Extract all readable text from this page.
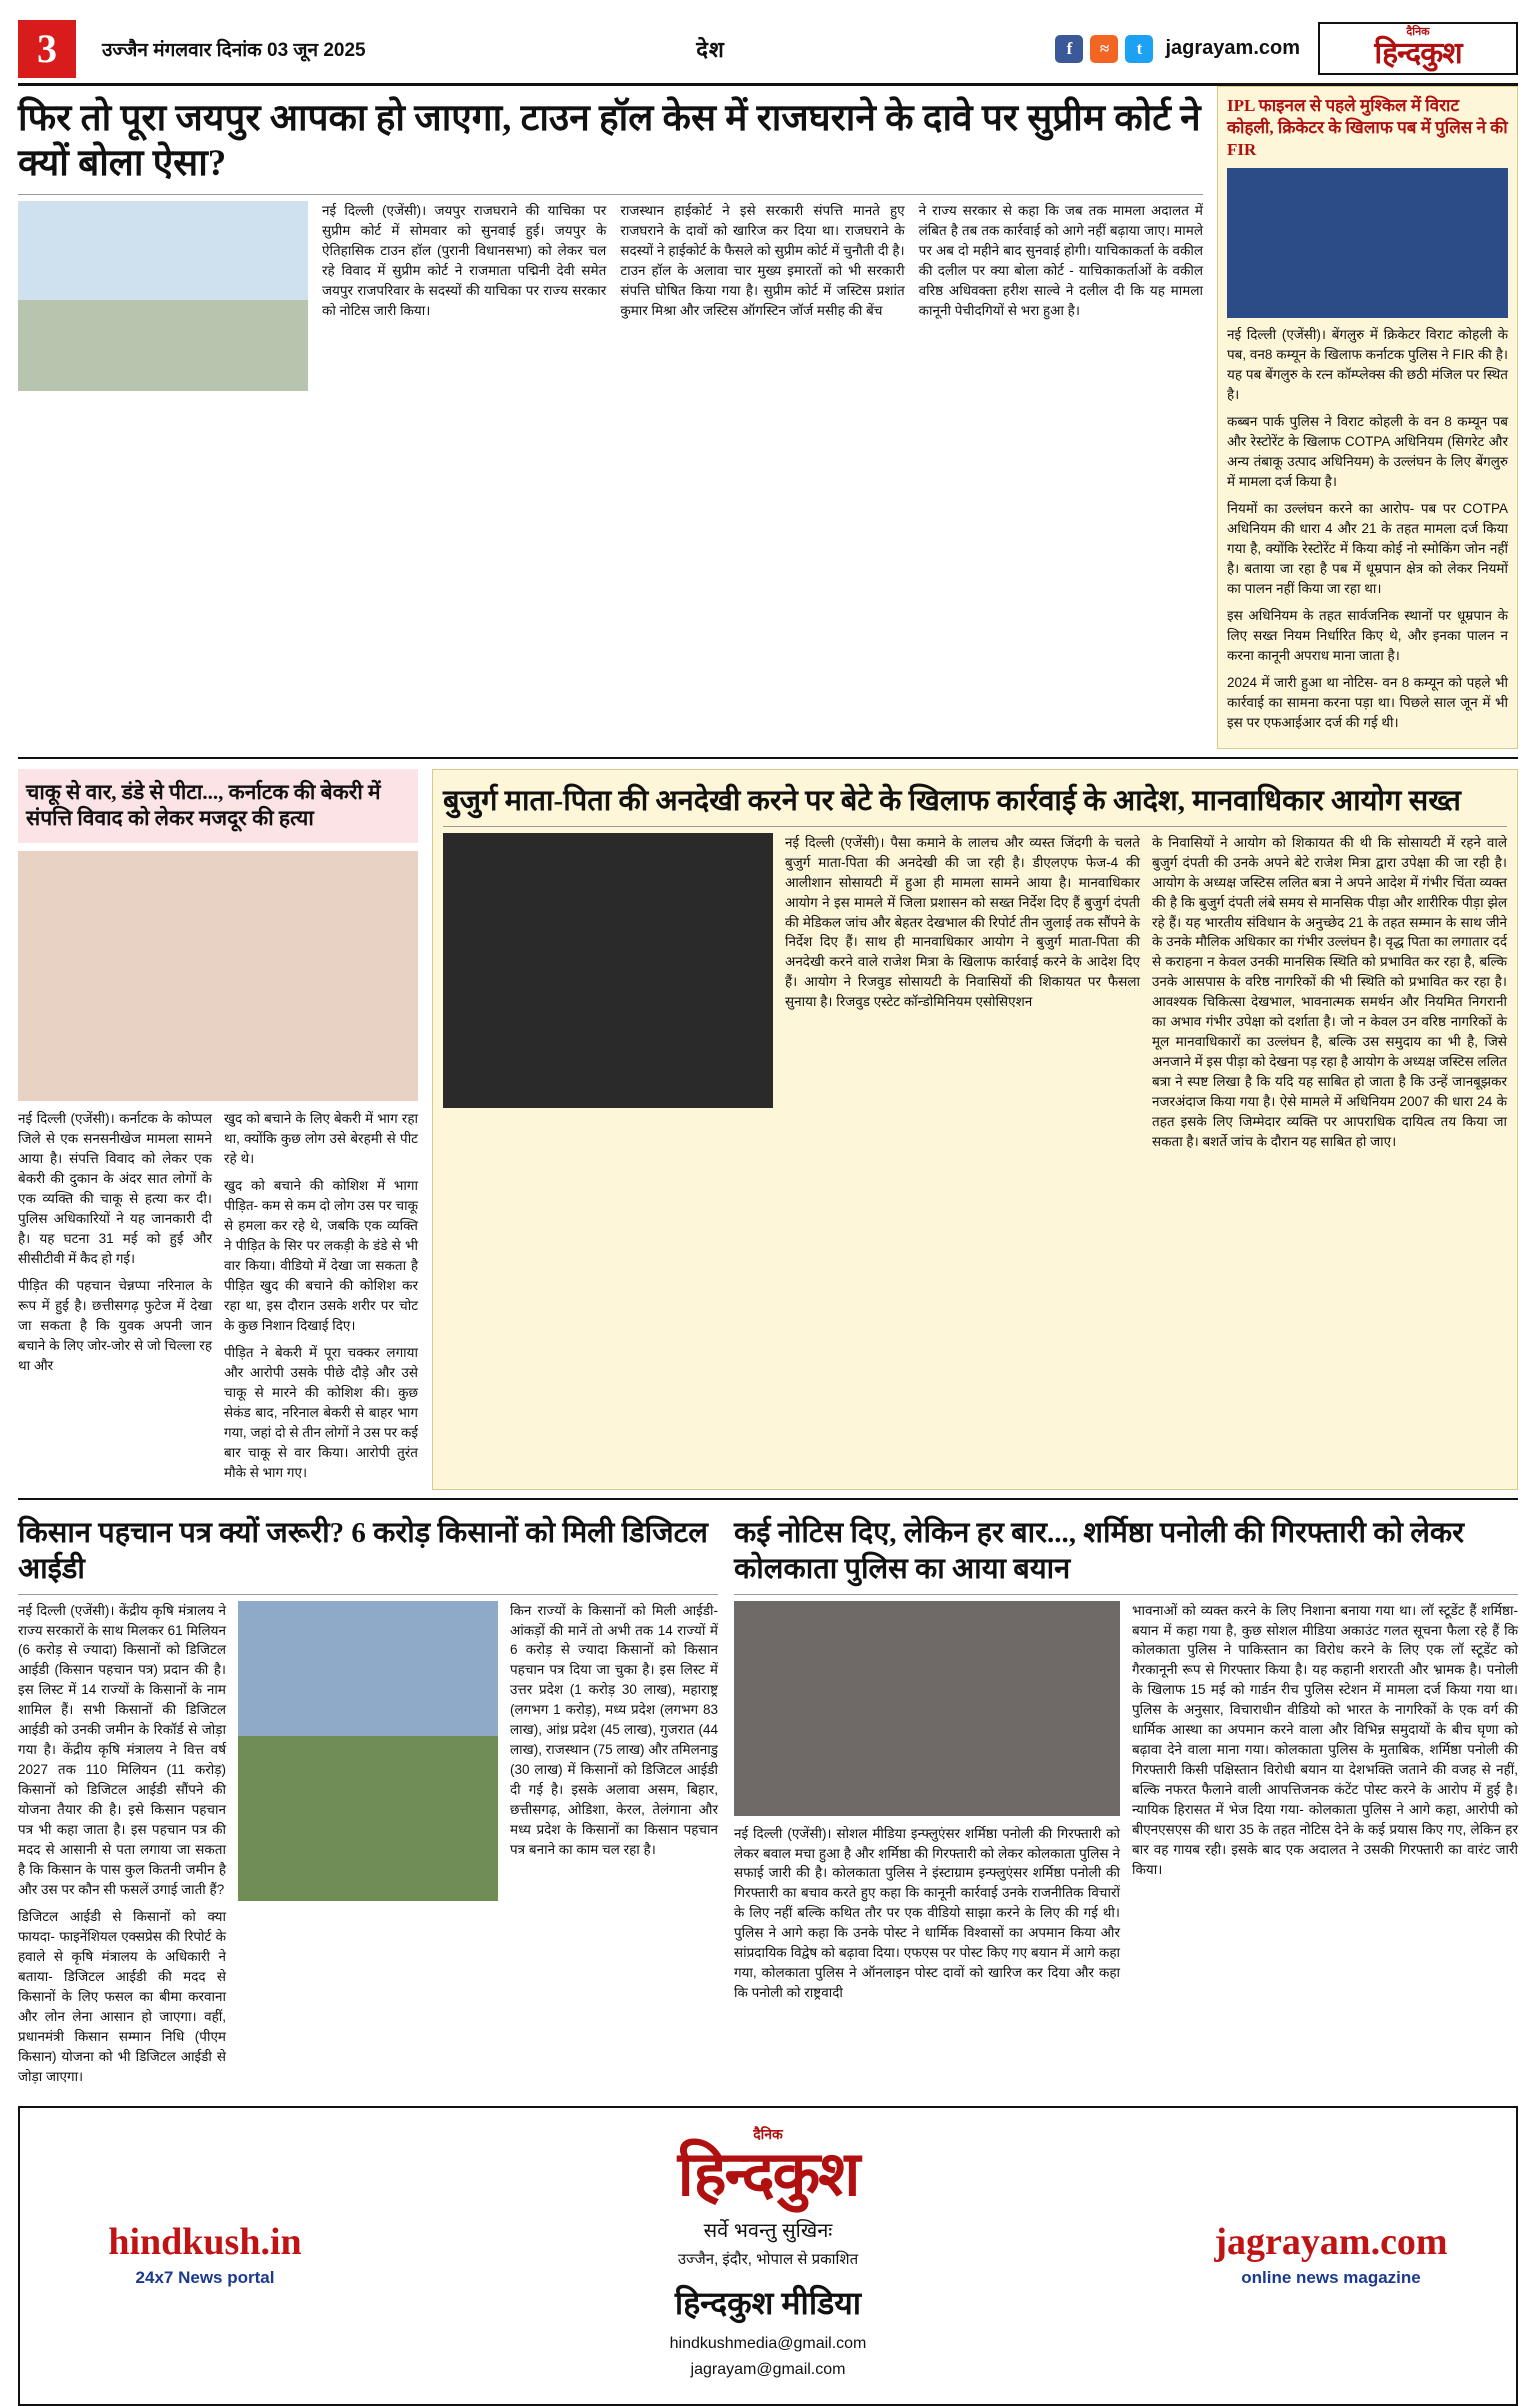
3	उज्जैन मंगलवार दिनांक 03 जून 2025	देश	f	≈	t	jagrayam.com
दैनिक
हिन्दकुश
फिर तो पूरा जयपुर आपका हो जाएगा, टाउन हॉल केस में राजघराने के दावे पर सुप्रीम कोर्ट ने क्यों बोला ऐसा?

नई दिल्ली (एजेंसी)। जयपुर राजघराने की याचिका पर सुप्रीम कोर्ट में सोमवार को सुनवाई हुई। जयपुर के ऐतिहासिक टाउन हॉल (पुरानी विधानसभा) को लेकर चल रहे विवाद में सुप्रीम कोर्ट ने राजमाता पद्मिनी देवी समेत जयपुर राजपरिवार के सदस्यों की याचिका पर राज्य सरकार को नोटिस जारी किया।

राजस्थान हाईकोर्ट ने इसे सरकारी संपत्ति मानते हुए राजघराने के दावों को खारिज कर दिया था। राजघराने के सदस्यों ने हाईकोर्ट के फैसले को सुप्रीम कोर्ट में चुनौती दी है। टाउन हॉल के अलावा चार मुख्य इमारतों को भी सरकारी संपत्ति घोषित किया गया है। सुप्रीम कोर्ट में जस्टिस प्रशांत कुमार मिश्रा और जस्टिस ऑगस्टिन जॉर्ज मसीह की बेंच

ने राज्य सरकार से कहा कि जब तक मामला अदालत में लंबित है तब तक कार्रवाई को आगे नहीं बढ़ाया जाए। मामले पर अब दो महीने बाद सुनवाई होगी। याचिकाकर्ता के वकील की दलील पर क्या बोला कोर्ट - याचिकाकर्ताओं के वकील वरिष्ठ अधिवक्ता हरीश साल्वे ने दलील दी कि यह मामला कानूनी पेचीदगियों से भरा हुआ है।

IPL फाइनल से पहले मुश्किल में विराट कोहली, क्रिकेटर के खिलाफ पब में पुलिस ने की FIR

नई दिल्ली (एजेंसी)। बेंगलुरु में क्रिकेटर विराट कोहली के पब, वन8 कम्यून के खिलाफ कर्नाटक पुलिस ने FIR की है। यह पब बेंगलुरु के रत्न कॉम्प्लेक्स की छठी मंजिल पर स्थित है।

कब्बन पार्क पुलिस ने विराट कोहली के वन 8 कम्यून पब और रेस्टोरेंट के खिलाफ COTPA अधिनियम (सिगरेट और अन्य तंबाकू उत्पाद अधिनियम) के उल्लंघन के लिए बेंगलुरु में मामला दर्ज किया है।

नियमों का उल्लंघन करने का आरोप- पब पर COTPA अधिनियम की धारा 4 और 21 के तहत मामला दर्ज किया गया है, क्योंकि रेस्टोरेंट में किया कोई नो स्मोकिंग जोन नहीं है। बताया जा रहा है पब में धूम्रपान क्षेत्र को लेकर नियमों का पालन नहीं किया जा रहा था।

इस अधिनियम के तहत सार्वजनिक स्थानों पर धूम्रपान के लिए सख्त नियम निर्धारित किए थे, और इनका पालन न करना कानूनी अपराध माना जाता है।

2024 में जारी हुआ था नोटिस- वन 8 कम्यून को पहले भी कार्रवाई का सामना करना पड़ा था। पिछले साल जून में भी इस पर एफआईआर दर्ज की गई थी।

चाकू से वार, डंडे से पीटा..., कर्नाटक की बेकरी में संपत्ति विवाद को लेकर मजदूर की हत्या

नई दिल्ली (एजेंसी)। कर्नाटक के कोप्पल जिले से एक सनसनीखेज मामला सामने आया है। संपत्ति विवाद को लेकर एक बेकरी की दुकान के अंदर सात लोगों के एक व्यक्ति की चाकू से हत्या कर दी। पुलिस अधिकारियों ने यह जानकारी दी है। यह घटना 31 मई को हुई और सीसीटीवी में कैद हो गई।

पीड़ित की पहचान चेन्नप्पा नरिनाल के रूप में हुई है। छत्तीसगढ़ फुटेज में देखा जा सकता है कि युवक अपनी जान बचाने के लिए जोर-जोर से जो चिल्ला रह था और

खुद को बचाने के लिए बेकरी में भाग रहा था, क्योंकि कुछ लोग उसे बेरहमी से पीट रहे थे।

खुद को बचाने की कोशिश में भागा पीड़ित- कम से कम दो लोग उस पर चाकू से हमला कर रहे थे, जबकि एक व्यक्ति ने पीड़ित के सिर पर लकड़ी के डंडे से भी वार किया। वीडियो में देखा जा सकता है पीड़ित खुद की बचाने की कोशिश कर रहा था, इस दौरान उसके शरीर पर चोट के कुछ निशान दिखाई दिए।

पीड़ित ने बेकरी में पूरा चक्कर लगाया और आरोपी उसके पीछे दौड़े और उसे चाकू से मारने की कोशिश की। कुछ सेकंड बाद, नरिनाल बेकरी से बाहर भाग गया, जहां दो से तीन लोगों ने उस पर कई बार चाकू से वार किया। आरोपी तुरंत मौके से भाग गए।

बुजुर्ग माता-पिता की अनदेखी करने पर बेटे के खिलाफ कार्रवाई के आदेश, मानवाधिकार आयोग सख्त

नई दिल्ली (एजेंसी)। पैसा कमाने के लालच और व्यस्त जिंदगी के चलते बुजुर्ग माता-पिता की अनदेखी की जा रही है। डीएलएफ फेज-4 की आलीशान सोसायटी में हुआ ही मामला सामने आया है। मानवाधिकार आयोग ने इस मामले में जिला प्रशासन को सख्त निर्देश दिए हैं बुजुर्ग दंपती की मेडिकल जांच और बेहतर देखभाल की रिपोर्ट तीन जुलाई तक सौंपने के निर्देश दिए हैं। साथ ही मानवाधिकार आयोग ने बुजुर्ग माता-पिता की अनदेखी करने वाले राजेश मित्रा के खिलाफ कार्रवाई करने के आदेश दिए हैं। आयोग ने रिजवुड सोसायटी के निवासियों की शिकायत पर फैसला सुनाया है। रिजवुड एस्टेट कॉन्डोमिनियम एसोसिएशन

के निवासियों ने आयोग को शिकायत की थी कि सोसायटी में रहने वाले बुजुर्ग दंपती की उनके अपने बेटे राजेश मित्रा द्वारा उपेक्षा की जा रही है। आयोग के अध्यक्ष जस्टिस ललित बत्रा ने अपने आदेश में गंभीर चिंता व्यक्त की है कि बुजुर्ग दंपती लंबे समय से मानसिक पीड़ा और शारीरिक पीड़ा झेल रहे हैं। यह भारतीय संविधान के अनुच्छेद 21 के तहत सम्मान के साथ जीने के उनके मौलिक अधिकार का गंभीर उल्लंघन है। वृद्ध पिता का लगातार दर्द से कराहना न केवल उनकी मानसिक स्थिति को प्रभावित कर रहा है, बल्कि उनके आसपास के वरिष्ठ नागरिकों की भी स्थिति को प्रभावित कर रहा है। आवश्यक चिकित्सा देखभाल, भावनात्मक समर्थन और नियमित निगरानी का अभाव गंभीर उपेक्षा को दर्शाता है। जो न केवल उन वरिष्ठ नागरिकों के मूल मानवाधिकारों का उल्लंघन है, बल्कि उस समुदाय का भी है, जिसे अनजाने में इस पीड़ा को देखना पड़ रहा है आयोग के अध्यक्ष जस्टिस ललित बत्रा ने स्पष्ट लिखा है कि यदि यह साबित हो जाता है कि उन्हें जानबूझकर नजरअंदाज किया गया है। ऐसे मामले में अधिनियम 2007 की धारा 24 के तहत इसके लिए जिम्मेदार व्यक्ति पर आपराधिक दायित्व तय किया जा सकता है। बशर्ते जांच के दौरान यह साबित हो जाए।

किसान पहचान पत्र क्यों जरूरी? 6 करोड़ किसानों को मिली डिजिटल आईडी

नई दिल्ली (एजेंसी)। केंद्रीय कृषि मंत्रालय ने राज्य सरकारों के साथ मिलकर 61 मिलियन (6 करोड़ से ज्यादा) किसानों को डिजिटल आईडी (किसान पहचान पत्र) प्रदान की है। इस लिस्ट में 14 राज्यों के किसानों के नाम शामिल हैं। सभी किसानों की डिजिटल आईडी को उनकी जमीन के रिकॉर्ड से जोड़ा गया है। केंद्रीय कृषि मंत्रालय ने वित्त वर्ष 2027 तक 110 मिलियन (11 करोड़) किसानों को डिजिटल आईडी सौंपने की योजना तैयार की है। इसे किसान पहचान पत्र भी कहा जाता है। इस पहचान पत्र की मदद से आसानी से पता लगाया जा सकता है कि किसान के पास कुल कितनी जमीन है और उस पर कौन सी फसलें उगाई जाती हैं?

डिजिटल आईडी से किसानों को क्या फायदा- फाइनेंशियल एक्सप्रेस की रिपोर्ट के हवाले से कृषि मंत्रालय के अधिकारी ने बताया- डिजिटल आईडी की मदद से किसानों के लिए फसल का बीमा करवाना और लोन लेना आसान हो जाएगा। वहीं, प्रधानमंत्री किसान सम्मान निधि (पीएम किसान) योजना को भी डिजिटल आईडी से जोड़ा जाएगा।

किन राज्यों के किसानों को मिली आईडी- आंकड़ों की मानें तो अभी तक 14 राज्यों में 6 करोड़ से ज्यादा किसानों को किसान पहचान पत्र दिया जा चुका है। इस लिस्ट में उत्तर प्रदेश (1 करोड़ 30 लाख), महाराष्ट्र (लगभग 1 करोड़), मध्य प्रदेश (लगभग 83 लाख), आंध्र प्रदेश (45 लाख), गुजरात (44 लाख), राजस्थान (75 लाख) और तमिलनाडु (30 लाख) में किसानों को डिजिटल आईडी दी गई है। इसके अलावा असम, बिहार, छत्तीसगढ़, ओडिशा, केरल, तेलंगाना और मध्य प्रदेश के किसानों का किसान पहचान पत्र बनाने का काम चल रहा है।

कई नोटिस दिए, लेकिन हर बार..., शर्मिष्ठा पनोली की गिरफ्तारी को लेकर कोलकाता पुलिस का आया बयान

नई दिल्ली (एजेंसी)। सोशल मीडिया इन्फ्लुएंसर शर्मिष्ठा पनोली की गिरफ्तारी को लेकर बवाल मचा हुआ है और शर्मिष्ठा की गिरफ्तारी को लेकर कोलकाता पुलिस ने सफाई जारी की है। कोलकाता पुलिस ने इंस्टाग्राम इन्फ्लुएंसर शर्मिष्ठा पनोली की गिरफ्तारी का बचाव करते हुए कहा कि कानूनी कार्रवाई उनके राजनीतिक विचारों के लिए नहीं बल्कि कथित तौर पर एक वीडियो साझा करने के लिए की गई थी। पुलिस ने आगे कहा कि उनके पोस्ट ने धार्मिक विश्वासों का अपमान किया और सांप्रदायिक विद्वेष को बढ़ावा दिया। एफएस पर पोस्ट किए गए बयान में आगे कहा गया, कोलकाता पुलिस ने ऑनलाइन पोस्ट दावों को खारिज कर दिया और कहा कि पनोली को राष्ट्रवादी

भावनाओं को व्यक्त करने के लिए निशाना बनाया गया था। लॉ स्टूडेंट हैं शर्मिष्ठा- बयान में कहा गया है, कुछ सोशल मीडिया अकाउंट गलत सूचना फैला रहे हैं कि कोलकाता पुलिस ने पाकिस्तान का विरोध करने के लिए एक लॉ स्टूडेंट को गैरकानूनी रूप से गिरफ्तार किया है। यह कहानी शरारती और भ्रामक है। पनोली के खिलाफ 15 मई को गार्डन रीच पुलिस स्टेशन में मामला दर्ज किया गया था। पुलिस के अनुसार, विचाराधीन वीडियो को भारत के नागरिकों के एक वर्ग की धार्मिक आस्था का अपमान करने वाला और विभिन्न समुदायों के बीच घृणा को बढ़ावा देने वाला माना गया। कोलकाता पुलिस के मुताबिक, शर्मिष्ठा पनोली की गिरफ्तारी किसी पक्षिस्तान विरोधी बयान या देशभक्ति जताने की वजह से नहीं, बल्कि नफरत फैलाने वाली आपत्तिजनक कंटेंट पोस्ट करने के आरोप में हुई है। न्यायिक हिरासत में भेज दिया गया- कोलकाता पुलिस ने आगे कहा, आरोपी को बीएनएसएस की धारा 35 के तहत नोटिस देने के कई प्रयास किए गए, लेकिन हर बार वह गायब रही। इसके बाद एक अदालत ने उसकी गिरफ्तारी का वारंट जारी किया।

hindkush.in
24x7 News portal
दैनिक
हिन्दकुश
सर्वे भवन्तु सुखिनः
उज्जैन, इंदौर, भोपाल से प्रकाशित
हिन्दकुश मीडिया
hindkushmedia@gmail.com
jagrayam@gmail.com
jagrayam.com
online news magazine
